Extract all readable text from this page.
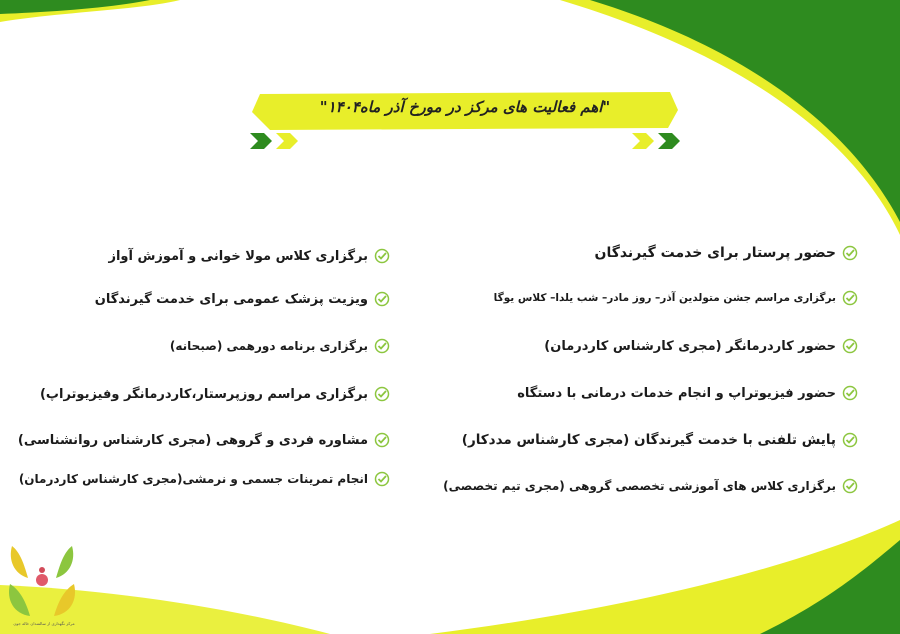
"اهم فعالیت های مرکز در مورخ آذر ماه۱۴۰۴"
حضور پرستار برای خدمت گیرندگان
برگزاری مراسم جشن متولدین آذر– روز مادر– شب یلدا– کلاس یوگا
حضور کاردرمانگر (مجری کارشناس کاردرمان)
حضور فیزیوتراپ و انجام خدمات درمانی با دستگاه
پایش تلفنی با خدمت گیرندگان (مجری کارشناس مددکار)
برگزاری کلاس های آموزشی تخصصی گروهی (مجری تیم تخصصی)
برگزاری کلاس مولا خوانی و آموزش آواز
ویزیت پزشک عمومی برای خدمت گیرندگان
برگزاری برنامه دورهمی (صبحانه)
برگزاری مراسم روزپرستار،کاردرمانگر وفیزیوتراپ)
مشاوره فردی و گروهی (مجری کارشناس روانشناسی)
انجام تمرینات جسمی و نرمشی(مجری کارشناس کاردرمان)
مرکز نگهداری از سالمندان خاله جون
